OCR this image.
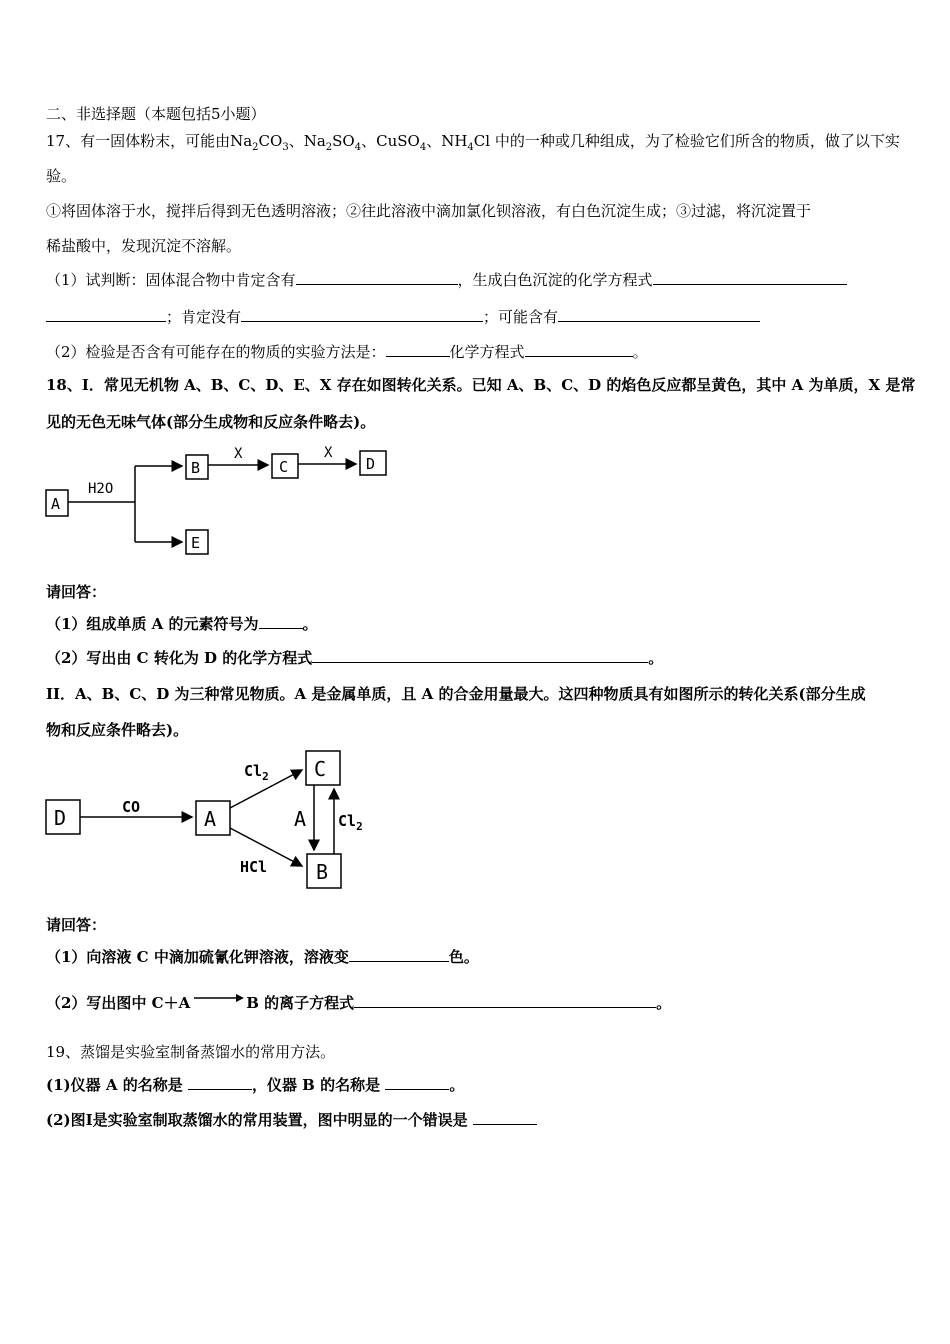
二、非选择题（本题包括5小题）
17、有一固体粉末，可能由$Na_2CO_3$、$Na_2SO_4$、CuSO$_4$、$NH_4Cl$ 中的一种或几种组成，为了检验它们所含的物质，做了以下实
验。
①将固体溶于水，搅拌后得到无色透明溶液；②往此溶液中滴加氯化钡溶液，有白色沉淀生成；③过滤，将沉淀置于
稀盐酸中，发现沉淀不溶解。
（1）试判断：固体混合物中肯定含有	，生成白色沉淀的化学方程式
；肯定没有	；可能含有
（2）检验是否含有可能存在的物质的实验方法是：	化学方程式	。
18、I．常见无机物 A、B、C、D、E、X 存在如图转化关系。已知 A、B、C、D 的焰色反应都呈黄色，其中 A 为单质，X 是常
见的无色无味气体(部分生成物和反应条件略去)。
A
H2O
B
X
C
X
D
E
请回答：
（1）组成单质 A 的元素符号为	。
（2）写出由 C 转化为 D 的化学方程式	。
II．A、B、C、D 为三种常见物质。A 是金属单质，且 A 的合金用量最大。这四种物质具有如图所示的转化关系(部分生成
物和反应条件略去)。
D	CO	A
$Cl_2$
HCl
C
B
A $Cl_2$
请回答：
（1）向溶液 C 中滴加硫氰化钾溶液，溶液变	色。
（2）写出图中 C＋A	B 的离子方程式	。
19、蒸馏是实验室制备蒸馏水的常用方法。
(1)仪器 A 的名称是	，仪器 B 的名称是	。
(2)图Ⅰ是实验室制取蒸馏水的常用装置，图中明显的一个错误是
